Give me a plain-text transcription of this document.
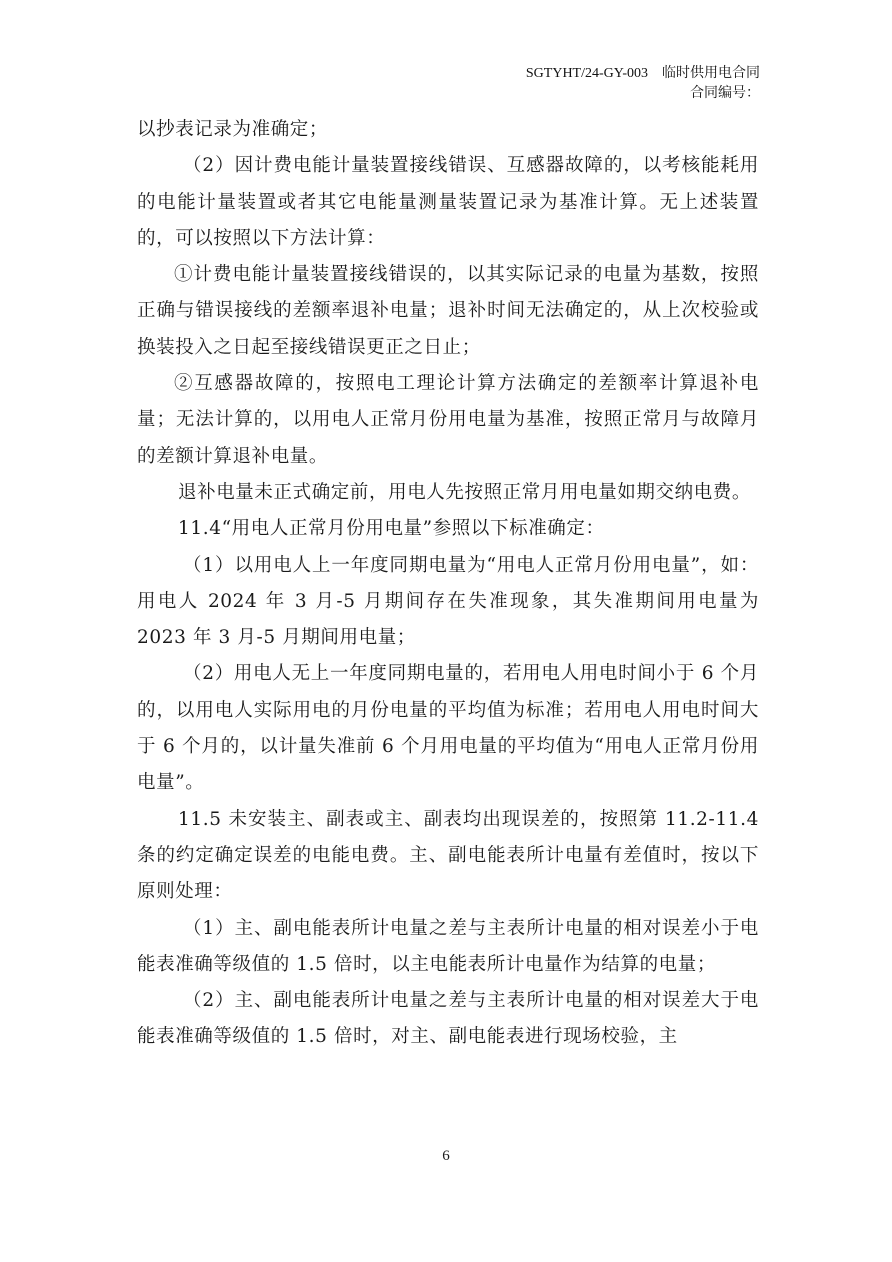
SGTYHT/24-GY-003 临时供用电合同
合同编号：

以抄表记录为准确定；

（2）因计费电能计量装置接线错误、互感器故障的，以考核能耗用的电能计量装置或者其它电能量测量装置记录为基准计算。无上述装置的，可以按照以下方法计算：

①计费电能计量装置接线错误的，以其实际记录的电量为基数，按照正确与错误接线的差额率退补电量；退补时间无法确定的，从上次校验或换装投入之日起至接线错误更正之日止；

②互感器故障的，按照电工理论计算方法确定的差额率计算退补电量；无法计算的，以用电人正常月份用电量为基准，按照正常月与故障月的差额计算退补电量。

退补电量未正式确定前，用电人先按照正常月用电量如期交纳电费。

11.4“用电人正常月份用电量”参照以下标准确定：

（1）以用电人上一年度同期电量为“用电人正常月份用电量”，如：用电人 2024 年 3 月-5 月期间存在失准现象，其失准期间用电量为 2023 年 3 月-5 月期间用电量；

（2）用电人无上一年度同期电量的，若用电人用电时间小于 6 个月的，以用电人实际用电的月份电量的平均值为标准；若用电人用电时间大于 6 个月的，以计量失准前 6 个月用电量的平均值为“用电人正常月份用电量”。

11.5 未安装主、副表或主、副表均出现误差的，按照第 11.2-11.4 条的约定确定误差的电能电费。主、副电能表所计电量有差值时，按以下原则处理：

（1）主、副电能表所计电量之差与主表所计电量的相对误差小于电能表准确等级值的 1.5 倍时，以主电能表所计电量作为结算的电量；

（2）主、副电能表所计电量之差与主表所计电量的相对误差大于电能表准确等级值的 1.5 倍时，对主、副电能表进行现场校验，主

6
